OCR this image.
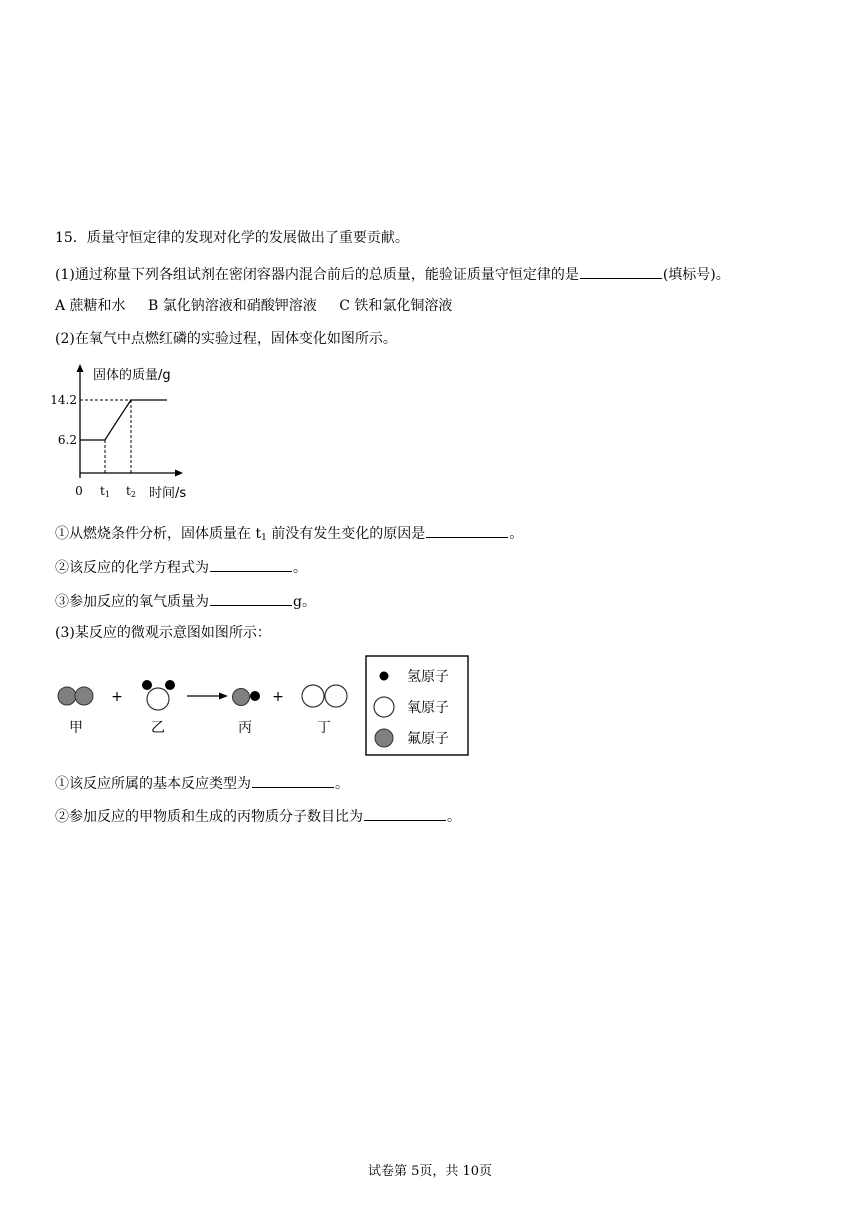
15．质量守恒定律的发现对化学的发展做出了重要贡献。
(1)通过称量下列各组试剂在密闭容器内混合前后的总质量，能验证质量守恒定律的是	(填标号)。
A 蔗糖和水 B 氯化钠溶液和硝酸钾溶液 C 铁和氯化铜溶液
(2)在氧气中点燃红磷的实验过程，固体变化如图所示。
固体的质量/g
14.2
6.2
0 t1 t2 时间/s
①从燃烧条件分析，固体质量在 $t_1$ 前没有发生变化的原因是	。
②该反应的化学方程式为	。
③参加反应的氧气质量为	g。
(3)某反应的微观示意图如图所示：
甲
+
乙	丙
+
丁
氢原子
氧原子
氟原子
①该反应所属的基本反应类型为	。
②参加反应的甲物质和生成的丙物质分子数目比为	。
试卷第 5页，共 10页
